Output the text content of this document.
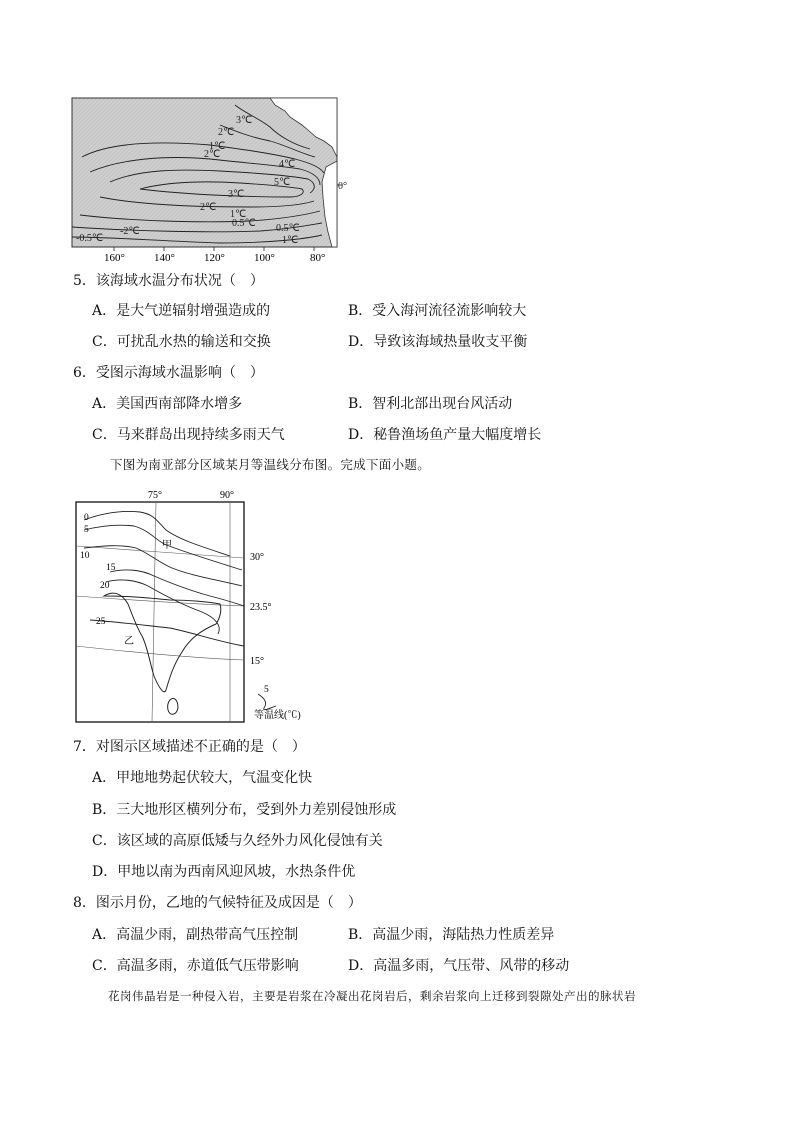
3℃
2℃
1℃
2℃
4℃
5℃
3℃
2℃
1℃
0.5℃ 0.5℃
1℃
-0.5℃
-2℃
0°
160°	140°	120°	100°	80°
5．该海域水温分布状况（　）
A．是大气逆辐射增强造成的	B．受入海河流径流影响较大
C．可扰乱水热的输送和交换	D．导致该海域热量收支平衡
6．受图示海域水温影响（　）
A．美国西南部降水增多	B．智利北部出现台风活动
C．马来群岛出现持续多雨天气	D．秘鲁渔场鱼产量大幅度增长
下图为南亚部分区域某月等温线分布图。完成下面小题。
甲
乙
0
5
10
15
20
25
75°	90°
30°
23.5°
15°
5
等温线(℃)
7．对图示区域描述不正确的是（　）
A．甲地地势起伏较大，气温变化快
B．三大地形区横列分布，受到外力差别侵蚀形成
C．该区域的高原低矮与久经外力风化侵蚀有关
D．甲地以南为西南风迎风坡，水热条件优
8．图示月份，乙地的气候特征及成因是（　）
A．高温少雨，副热带高气压控制	B．高温少雨，海陆热力性质差异
C．高温多雨，赤道低气压带影响	D．高温多雨，气压带、风带的移动
花岗伟晶岩是一种侵入岩，主要是岩浆在冷凝出花岗岩后，剩余岩浆向上迁移到裂隙处产出的脉状岩
